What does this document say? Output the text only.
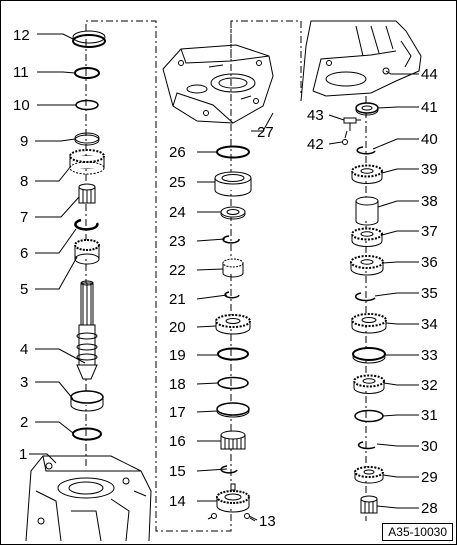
12
11
10
9
8
7
6
5
4
3
2
1
26
25
24
23
22
21
20
19
18
17
16
15
14
13
27
44
43
42
41
40
39
38
37
36
35
34
33
32
31
30
29
28
A35-10030
